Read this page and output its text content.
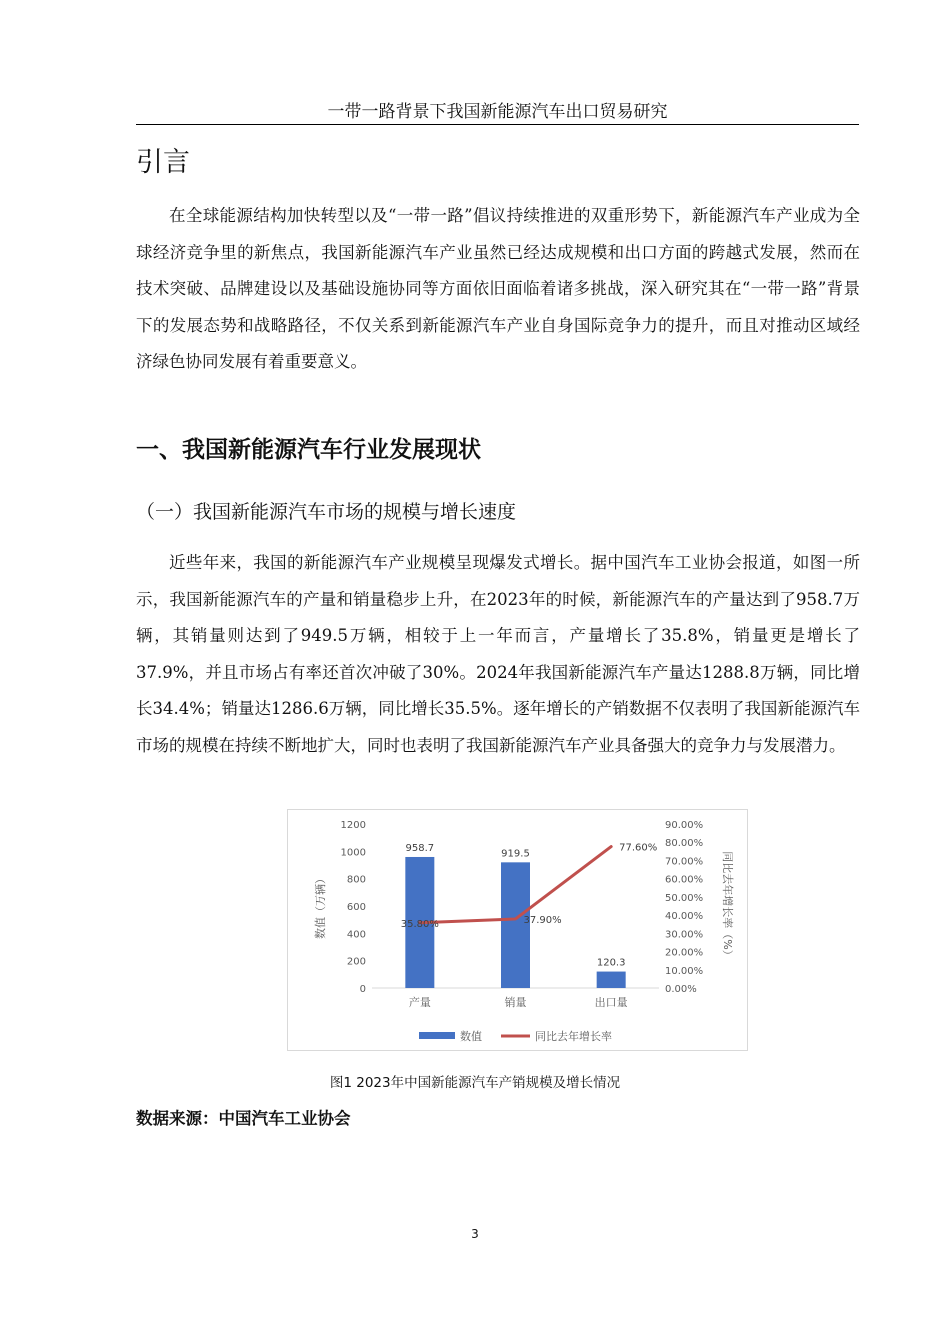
一带一路背景下我国新能源汽车出口贸易研究
引言

在全球能源结构加快转型以及“一带一路”倡议持续推进的双重形势下，新能源汽车产业成为全球经济竞争里的新焦点，我国新能源汽车产业虽然已经达成规模和出口方面的跨越式发展，然而在技术突破、品牌建设以及基础设施协同等方面依旧面临着诸多挑战，深入研究其在“一带一路”背景下的发展态势和战略路径，不仅关系到新能源汽车产业自身国际竞争力的提升，而且对推动区域经济绿色协同发展有着重要意义。

一、我国新能源汽车行业发展现状
（一）我国新能源汽车市场的规模与增长速度

近些年来，我国的新能源汽车产业规模呈现爆发式增长。据中国汽车工业协会报道，如图一所示，我国新能源汽车的产量和销量稳步上升，在2023年的时候，新能源汽车的产量达到了958.7万辆，其销量则达到了949.5万辆，相较于上一年而言，产量增长了35.8%，销量更是增长了37.9%，并且市场占有率还首次冲破了30%。2024年我国新能源汽车产量达1288.8万辆，同比增长34.4%；销量达1286.6万辆，同比增长35.5%。逐年增长的产销数据不仅表明了我国新能源汽车市场的规模在持续不断地扩大，同时也表明了我国新能源汽车产业具备强大的竞争力与发展潜力。

0
200
400
600
800
1000
1200
0.00%
10.00%
20.00%
30.00%
40.00%
50.00%
60.00%
70.00%
80.00%
90.00%
数值（万辆）	同比去年增长率（%）
958.7	919.5
120.3
产量	销量	出口量
35.80%	37.90%
77.60%
数值	同比去年增长率
图1 2023年中国新能源汽车产销规模及增长情况
数据来源：中国汽车工业协会
3
